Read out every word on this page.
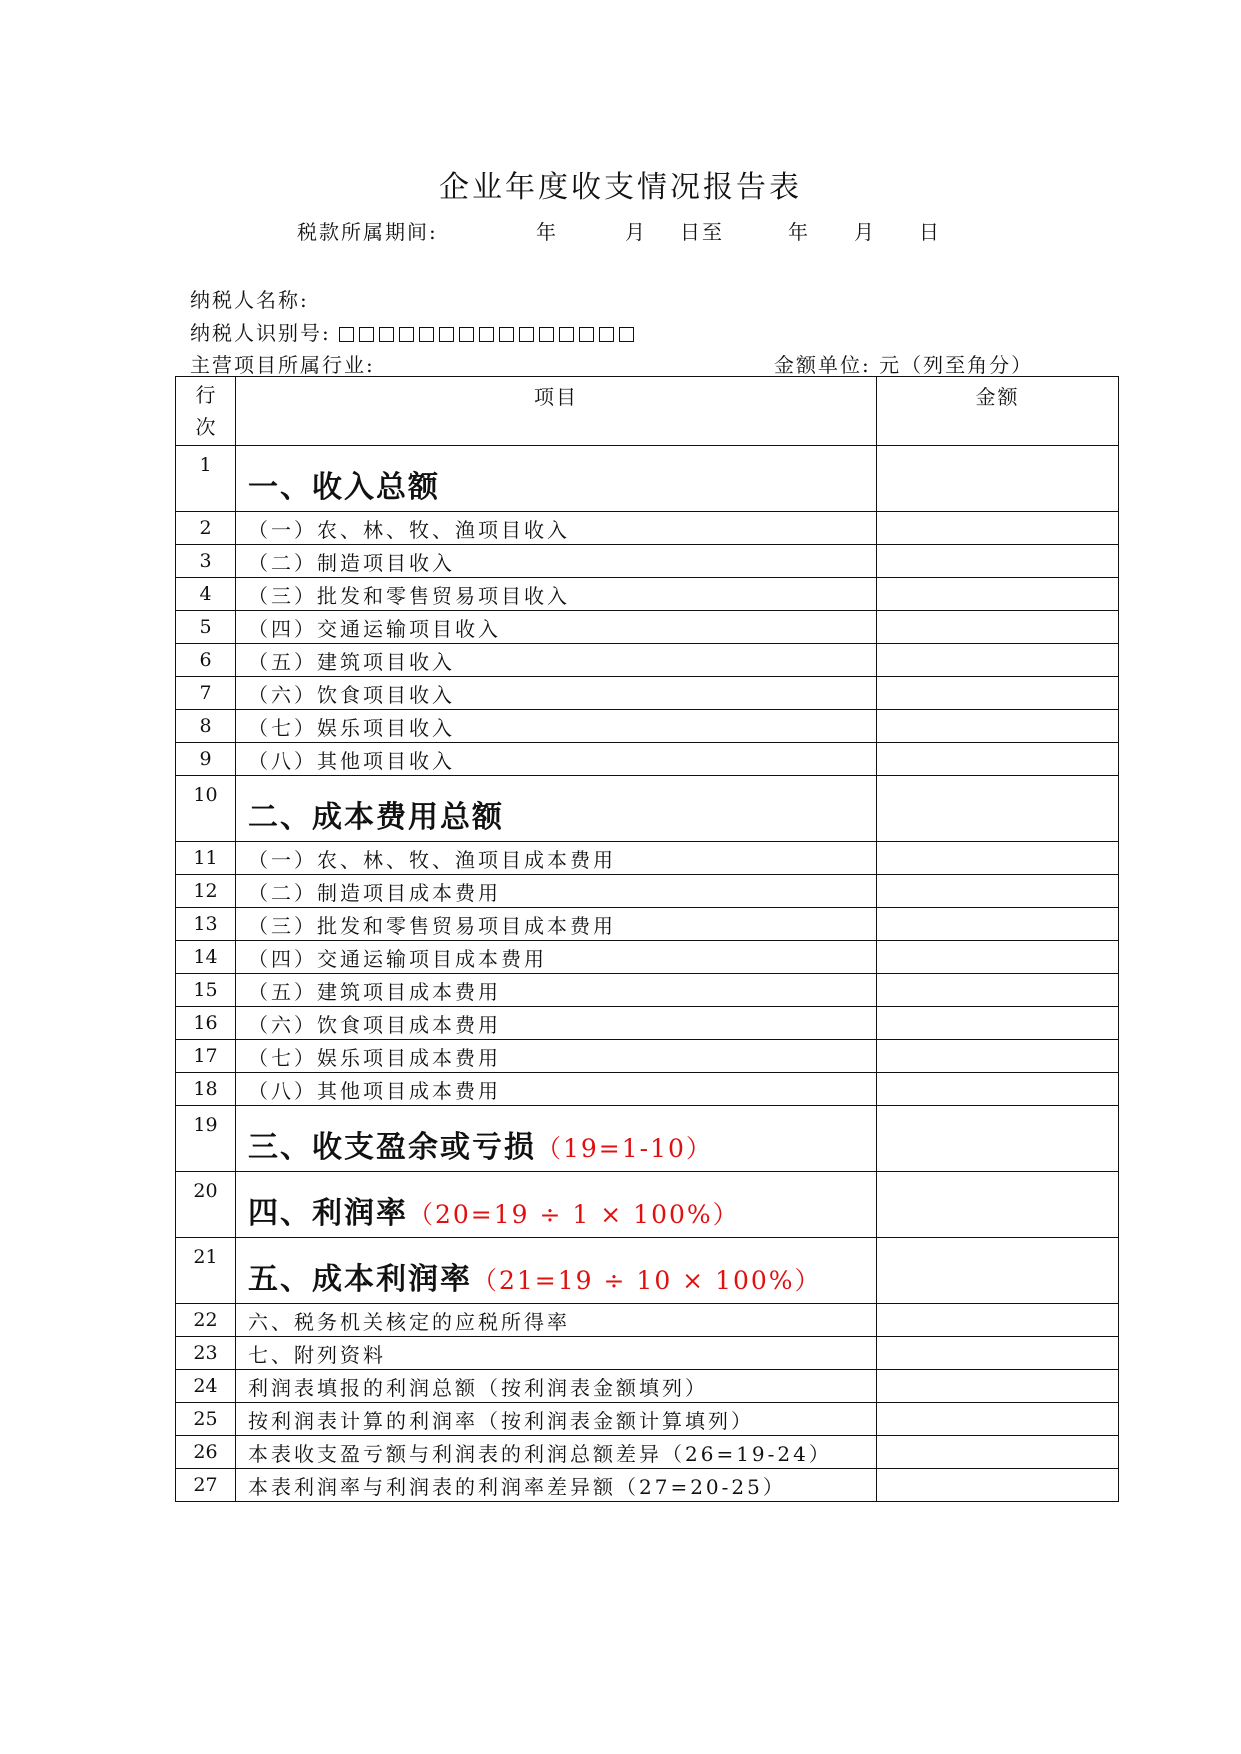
企业年度收支情况报告表
税款所属期间:	年	月 日至	年 月 日
纳税人名称:
纳税人识别号:
主营项目所属行业:	金额单位: 元（列至角分）
行次	项目	金额
1	一、收入总额	
2	（一）农、林、牧、渔项目收入	
3	（二）制造项目收入	
4	（三）批发和零售贸易项目收入	
5	（四）交通运输项目收入	
6	（五）建筑项目收入	
7	（六）饮食项目收入	
8	（七）娱乐项目收入	
9	（八）其他项目收入	
10	二、成本费用总额	
11	（一）农、林、牧、渔项目成本费用	
12	（二）制造项目成本费用	
13	（三）批发和零售贸易项目成本费用	
14	（四）交通运输项目成本费用	
15	（五）建筑项目成本费用	
16	（六）饮食项目成本费用	
17	（七）娱乐项目成本费用	
18	（八）其他项目成本费用	
19	三、收支盈余或亏损（19=1-10）	
20	四、利润率（20=19 ÷ 1 × 100%）	
21	五、成本利润率（21=19 ÷ 10 × 100%）	
22	六、税务机关核定的应税所得率	
23	七、附列资料	
24	利润表填报的利润总额（按利润表金额填列）	
25	按利润表计算的利润率（按利润表金额计算填列）	
26	本表收支盈亏额与利润表的利润总额差异（26=19-24）	
27	本表利润率与利润表的利润率差异额（27=20-25）	
